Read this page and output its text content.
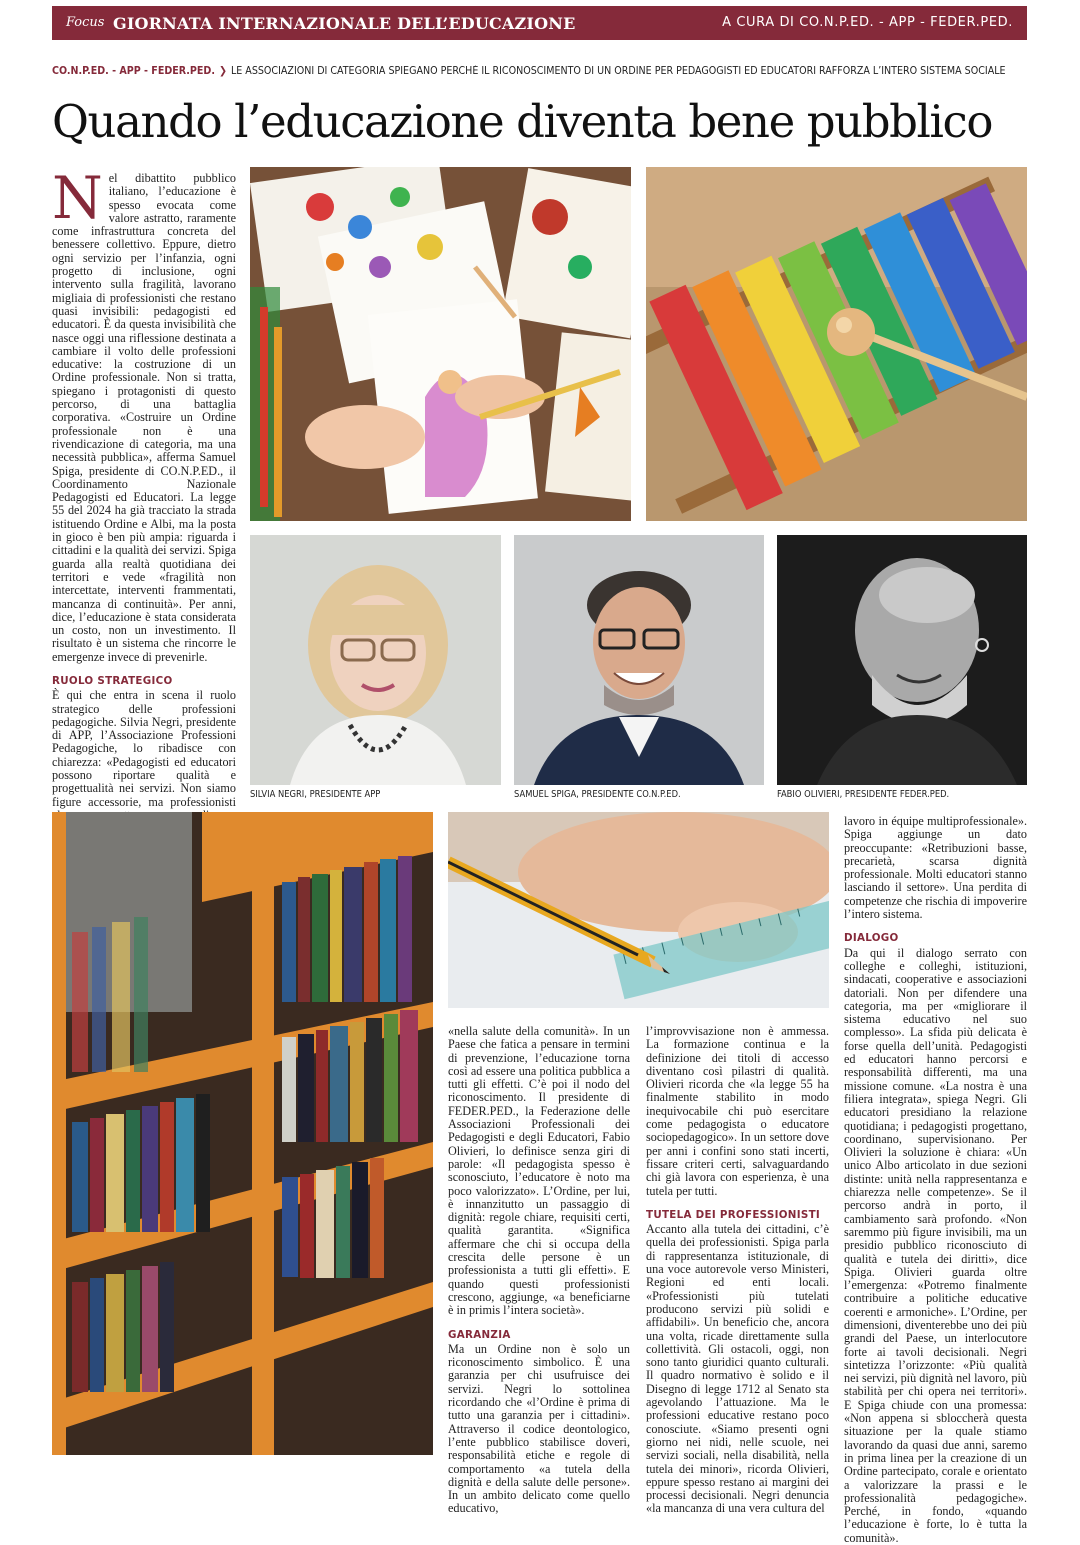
Focus GIORNATA INTERNAZIONALE DELL’EDUCAZIONE	A CURA DI CO.N.P.ED. - APP - FEDER.PED.
CO.N.P.ED. - APP - FEDER.PED. ❯ LE ASSOCIAZIONI DI CATEGORIA SPIEGANO PERCHÉ IL RICONOSCIMENTO DI UN ORDINE PER PEDAGOGISTI ED EDUCATORI RAFFORZA L’INTERO SISTEMA SOCIALE
Quando l’educazione diventa bene pubblico

Nel dibattito pubblico italiano, l’educazione è spesso evocata come valore astratto, raramente come infrastruttura concreta del benessere collettivo. Eppure, dietro ogni servizio per l’infanzia, ogni progetto di inclusione, ogni intervento sulla fragilità, lavorano migliaia di professionisti che restano quasi invisibili: pedagogisti ed educatori. È da questa invisibilità che nasce oggi una riflessione destinata a cambiare il volto delle professioni educative: la costruzione di un Ordine professionale. Non si tratta, spiegano i protagonisti di questo percorso, di una battaglia corporativa. «Costruire un Ordine professionale non è una rivendicazione di categoria, ma una necessità pubblica», afferma Samuel Spiga, presidente di CO.N.P.ED., il Coordinamento Nazionale Pedagogisti ed Educatori. La legge 55 del 2024 ha già tracciato la strada istituendo Ordine e Albi, ma la posta in gioco è ben più ampia: riguarda i cittadini e la qualità dei servizi. Spiga guarda alla realtà quotidiana dei territori e vede «fragilità non intercettate, interventi frammentati, mancanza di continuità». Per anni, dice, l’educazione è stata considerata un costo, non un investimento. Il risultato è un sistema che rincorre le emergenze invece di prevenirle.

RUOLO STRATEGICO

È qui che entra in scena il ruolo strategico delle professioni pedagogiche. Silvia Negri, presidente di APP, l’Associazione Professioni Pedagogiche, lo ribadisce con chiarezza: «Pedagogisti ed educatori possono riportare qualità e progettualità nei servizi. Non siamo figure accessorie, ma professionisti

SILVIA NEGRI, PRESIDENTE APP	SAMUEL SPIGA, PRESIDENTE CO.N.P.ED.	FABIO OLIVIERI, PRESIDENTE FEDER.PED.

«nella salute della comunità». In un Paese che fatica a pensare in termini di prevenzione, l’educazione torna così ad essere una politica pubblica a tutti gli effetti. C’è poi il nodo del riconoscimento. Il presidente di FEDER.PED., la Federazione delle Associazioni Professionali dei Pedagogisti e degli Educatori, Fabio Olivieri, lo definisce senza giri di parole: «Il pedagogista spesso è sconosciuto, l’educatore è noto ma poco valorizzato». L’Ordine, per lui, è innanzitutto un passaggio di dignità: regole chiare, requisiti certi, qualità garantita. «Significa affermare che chi si occupa della crescita delle persone è un professionista a tutti gli effetti». E quando questi professionisti crescono, aggiunge, «a beneficiarne è in primis l’intera società».

GARANZIA

Ma un Ordine non è solo un riconoscimento simbolico. È una garanzia per chi usufruisce dei servizi. Negri lo sottolinea ricordando che «l’Ordine è prima di tutto una garanzia per i cittadini». Attraverso il codice deontologico, l’ente pubblico stabilisce doveri, responsabilità etiche e regole di comportamento «a tutela della dignità e della salute delle persone». In un ambito delicato come quello educativo,

l’improvvisazione non è ammessa. La formazione continua e la definizione dei titoli di accesso diventano così pilastri di qualità. Olivieri ricorda che «la legge 55 ha finalmente stabilito in modo inequivocabile chi può esercitare come pedagogista o educatore sociopedagogico». In un settore dove per anni i confini sono stati incerti, fissare criteri certi, salvaguardando chi già lavora con esperienza, è una tutela per tutti.

TUTELA DEI PROFESSIONISTI

Accanto alla tutela dei cittadini, c’è quella dei professionisti. Spiga parla di rappresentanza istituzionale, di una voce autorevole verso Ministeri, Regioni ed enti locali. «Professionisti più tutelati producono servizi più solidi e affidabili». Un beneficio che, ancora una volta, ricade direttamente sulla collettività. Gli ostacoli, oggi, non sono tanto giuridici quanto culturali. Il quadro normativo è solido e il Disegno di legge 1712 al Senato sta agevolando l’attuazione. Ma le professioni educative restano poco conosciute. «Siamo presenti ogni giorno nei nidi, nelle scuole, nei servizi sociali, nella disabilità, nella tutela dei minori», ricorda Olivieri, eppure spesso restano ai margini dei processi decisionali. Negri denuncia «la mancanza di una vera cultura del

lavoro in équipe multiprofessionale». Spiga aggiunge un dato preoccupante: «Retribuzioni basse, precarietà, scarsa dignità professionale. Molti educatori stanno lasciando il settore». Una perdita di competenze che rischia di impoverire l’intero sistema.

DIALOGO

Da qui il dialogo serrato con colleghe e colleghi, istituzioni, sindacati, cooperative e associazioni datoriali. Non per difendere una categoria, ma per «migliorare il sistema educativo nel suo complesso». La sfida più delicata è forse quella dell’unità. Pedagogisti ed educatori hanno percorsi e responsabilità differenti, ma una missione comune. «La nostra è una filiera integrata», spiega Negri. Gli educatori presidiano la relazione quotidiana; i pedagogisti progettano, coordinano, supervisionano. Per Olivieri la soluzione è chiara: «Un unico Albo articolato in due sezioni distinte: unità nella rappresentanza e chiarezza nelle competenze». Se il percorso andrà in porto, il cambiamento sarà profondo. «Non saremmo più figure invisibili, ma un presidio pubblico riconosciuto di qualità e tutela dei diritti», dice Spiga. Olivieri guarda oltre l’emergenza: «Potremo finalmente contribuire a politiche educative coerenti e armoniche». L’Ordine, per dimensioni, diventerebbe uno dei più grandi del Paese, un interlocutore forte ai tavoli decisionali. Negri sintetizza l’orizzonte: «Più qualità nei servizi, più dignità nel lavoro, più stabilità per chi opera nei territori». E Spiga chiude con una promessa: «Non appena si sbloccherà questa situazione per la quale stiamo lavorando da quasi due anni, saremo in prima linea per la creazione di un Ordine partecipato, corale e orientato a valorizzare la prassi e le professionalità pedagogiche». Perché, in fondo, «quando l’educazione è forte, lo è tutta la comunità».
